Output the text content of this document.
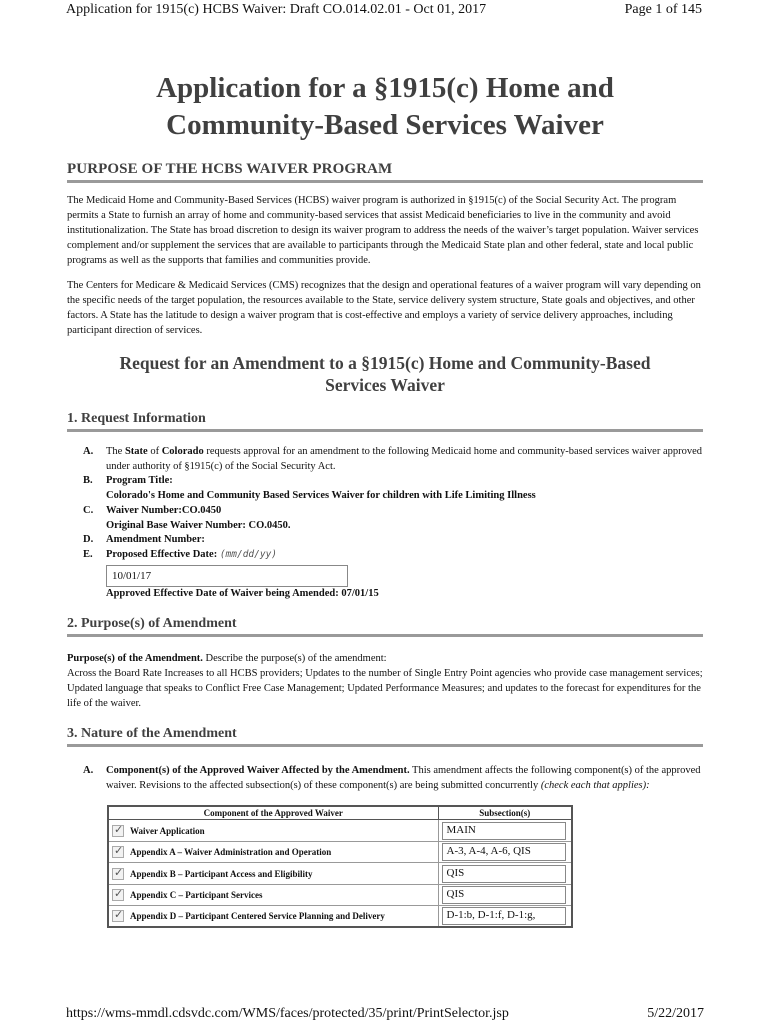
Application for 1915(c) HCBS Waiver: Draft CO.014.02.01 - Oct 01, 2017	Page 1 of 145
Application for a §1915(c) Home and
Community-Based Services Waiver
PURPOSE OF THE HCBS WAIVER PROGRAM

The Medicaid Home and Community-Based Services (HCBS) waiver program is authorized in §1915(c) of the Social Security Act. The program permits a State to furnish an array of home and community-based services that assist Medicaid beneficiaries to live in the community and avoid institutionalization. The State has broad discretion to design its waiver program to address the needs of the waiver’s target population. Waiver services complement and/or supplement the services that are available to participants through the Medicaid State plan and other federal, state and local public programs as well as the supports that families and communities provide.

The Centers for Medicare & Medicaid Services (CMS) recognizes that the design and operational features of a waiver program will vary depending on the specific needs of the target population, the resources available to the State, service delivery system structure, State goals and objectives, and other factors. A State has the latitude to design a waiver program that is cost-effective and employs a variety of service delivery approaches, including participant direction of services.

Request for an Amendment to a §1915(c) Home and Community-Based
Services Waiver
1. Request Information
A.	The State of Colorado requests approval for an amendment to the following Medicaid home and community-based services waiver approved under authority of §1915(c) of the Social Security Act.
B.	Program Title:
Colorado's Home and Community Based Services Waiver for children with Life Limiting Illness
C.	Waiver Number:CO.0450
Original Base Waiver Number: CO.0450.
D.	Amendment Number:
E.	Proposed Effective Date: (mm/dd/yy)
10/01/17
Approved Effective Date of Waiver being Amended: 07/01/15
2. Purpose(s) of Amendment
Purpose(s) of the Amendment. Describe the purpose(s) of the amendment:
Across the Board Rate Increases to all HCBS providers; Updates to the number of Single Entry Point agencies who provide case management services; Updated language that speaks to Conflict Free Case Management; Updated Performance Measures; and updates to the forecast for expenditures for the life of the waiver.
3. Nature of the Amendment
A.	Component(s) of the Approved Waiver Affected by the Amendment. This amendment affects the following component(s) of the approved waiver. Revisions to the affected subsection(s) of these component(s) are being submitted concurrently (check each that applies):
Component of the Approved Waiver	Subsection(s)
✓Waiver Application	MAIN

✓Appendix A – Waiver Administration and Operation	A-3, A-4, A-6, QIS

✓Appendix B – Participant Access and Eligibility	QIS

✓Appendix C – Participant Services	QIS

✓Appendix D – Participant Centered Service Planning and Delivery	D-1:b, D-1:f, D-1:g,
https://wms-mmdl.cdsvdc.com/WMS/faces/protected/35/print/PrintSelector.jsp	5/22/2017
